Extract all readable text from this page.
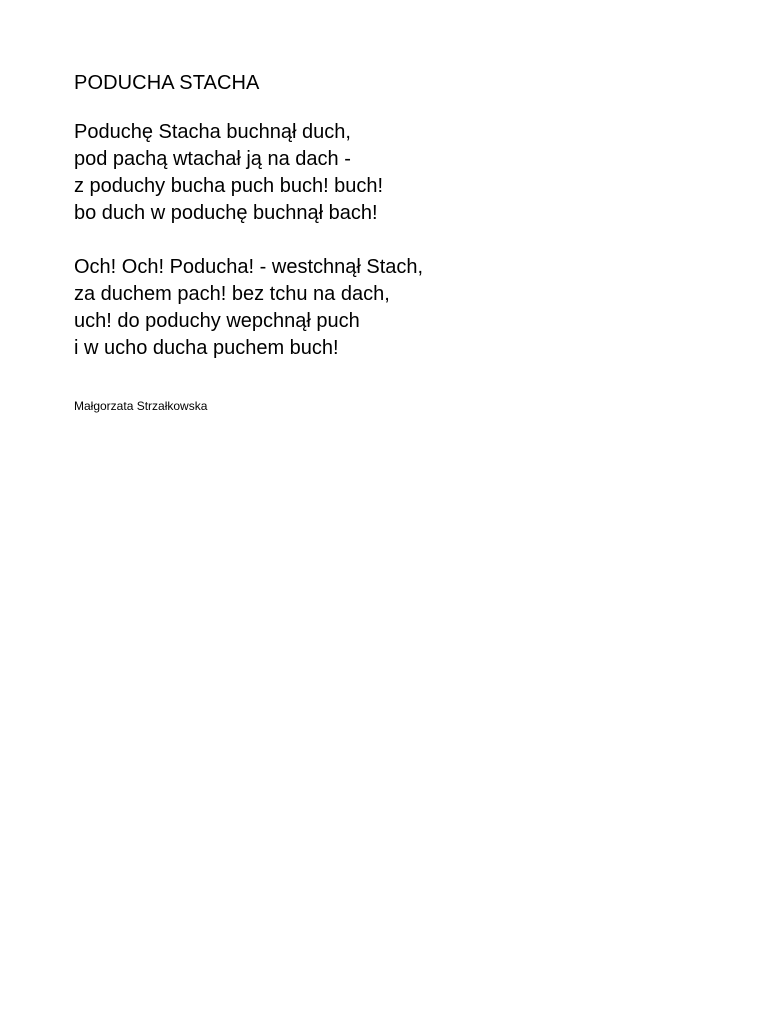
PODUCHA STACHA
Poduchę Stacha buchnął duch,
pod pachą wtachał ją na dach -
z poduchy bucha puch buch! buch!
bo duch w poduchę buchnął bach!
Och! Och! Poducha! - westchnął Stach,
za duchem pach! bez tchu na dach,
uch! do poduchy wepchnął puch
i w ucho ducha puchem buch!
Małgorzata Strzałkowska
